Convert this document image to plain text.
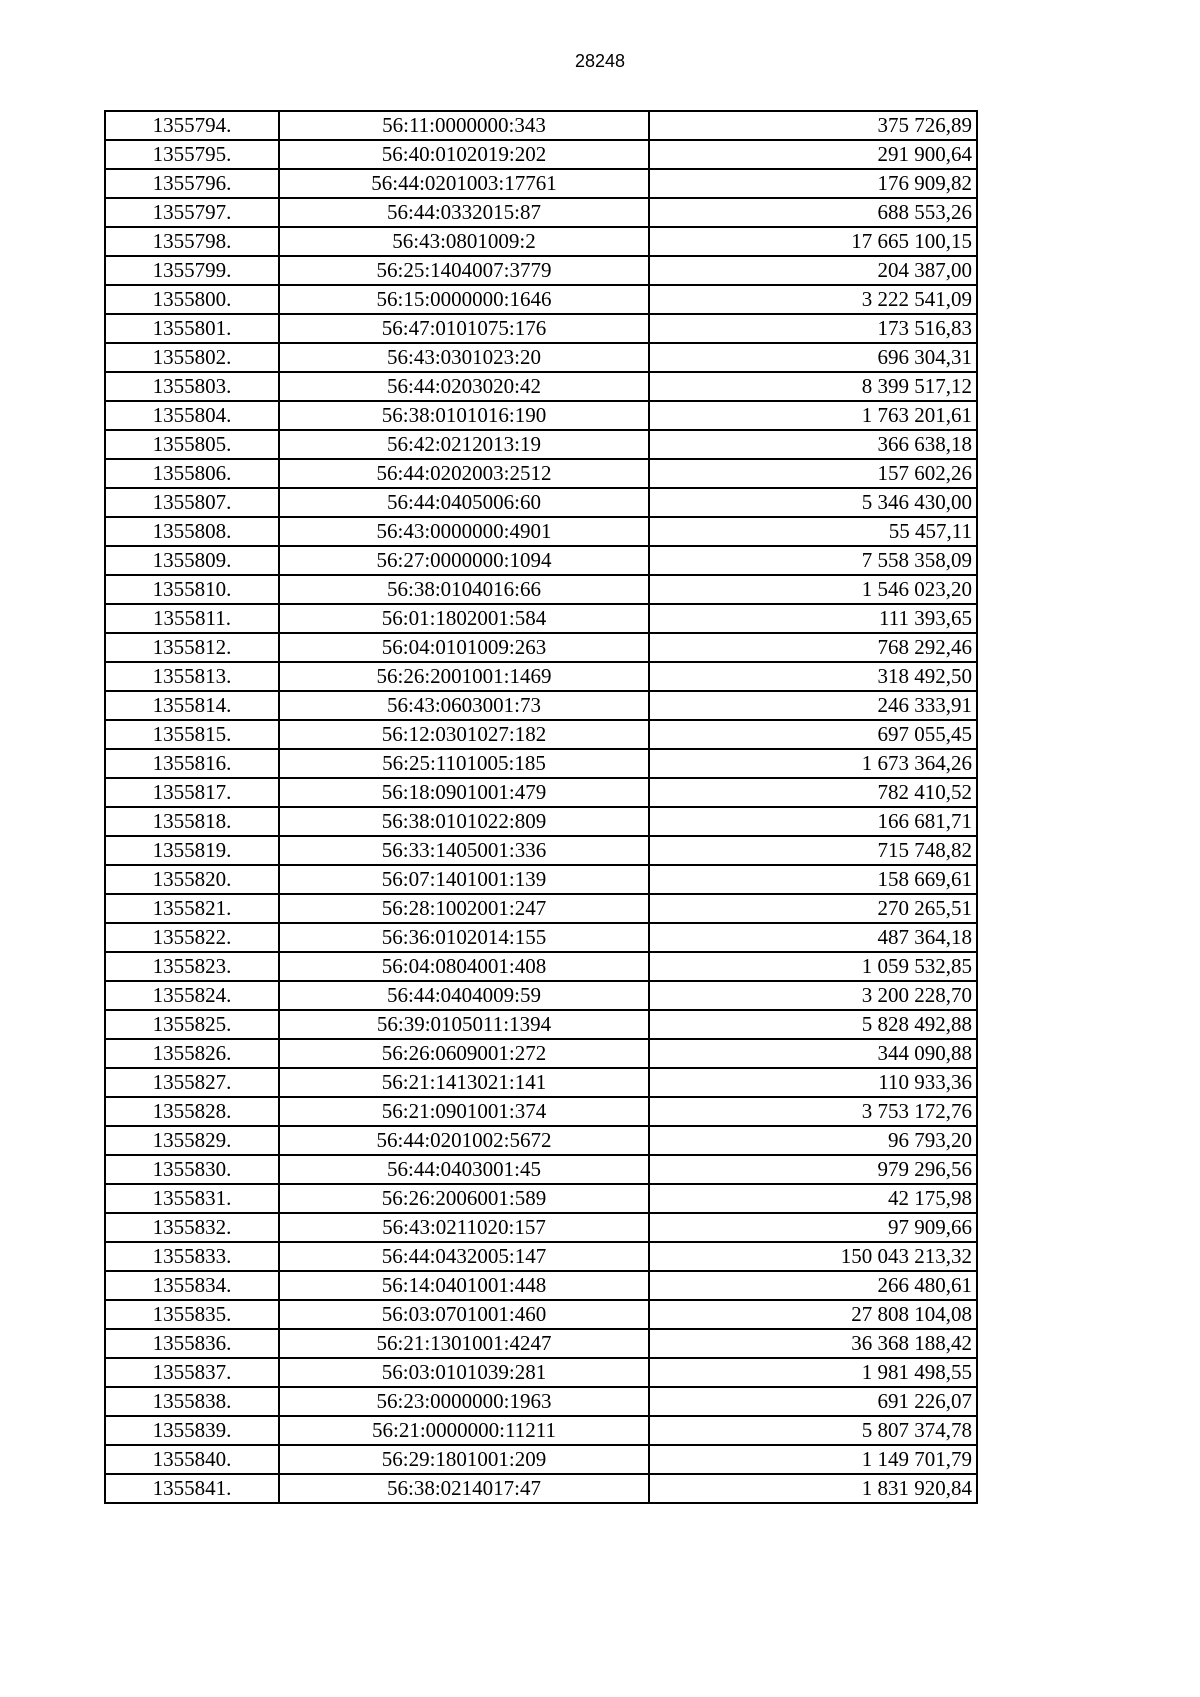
28248
1355794.	56:11:0000000:343	375 726,89
1355795.	56:40:0102019:202	291 900,64
1355796.	56:44:0201003:17761	176 909,82
1355797.	56:44:0332015:87	688 553,26
1355798.	56:43:0801009:2	17 665 100,15
1355799.	56:25:1404007:3779	204 387,00
1355800.	56:15:0000000:1646	3 222 541,09
1355801.	56:47:0101075:176	173 516,83
1355802.	56:43:0301023:20	696 304,31
1355803.	56:44:0203020:42	8 399 517,12
1355804.	56:38:0101016:190	1 763 201,61
1355805.	56:42:0212013:19	366 638,18
1355806.	56:44:0202003:2512	157 602,26
1355807.	56:44:0405006:60	5 346 430,00
1355808.	56:43:0000000:4901	55 457,11
1355809.	56:27:0000000:1094	7 558 358,09
1355810.	56:38:0104016:66	1 546 023,20
1355811.	56:01:1802001:584	111 393,65
1355812.	56:04:0101009:263	768 292,46
1355813.	56:26:2001001:1469	318 492,50
1355814.	56:43:0603001:73	246 333,91
1355815.	56:12:0301027:182	697 055,45
1355816.	56:25:1101005:185	1 673 364,26
1355817.	56:18:0901001:479	782 410,52
1355818.	56:38:0101022:809	166 681,71
1355819.	56:33:1405001:336	715 748,82
1355820.	56:07:1401001:139	158 669,61
1355821.	56:28:1002001:247	270 265,51
1355822.	56:36:0102014:155	487 364,18
1355823.	56:04:0804001:408	1 059 532,85
1355824.	56:44:0404009:59	3 200 228,70
1355825.	56:39:0105011:1394	5 828 492,88
1355826.	56:26:0609001:272	344 090,88
1355827.	56:21:1413021:141	110 933,36
1355828.	56:21:0901001:374	3 753 172,76
1355829.	56:44:0201002:5672	96 793,20
1355830.	56:44:0403001:45	979 296,56
1355831.	56:26:2006001:589	42 175,98
1355832.	56:43:0211020:157	97 909,66
1355833.	56:44:0432005:147	150 043 213,32
1355834.	56:14:0401001:448	266 480,61
1355835.	56:03:0701001:460	27 808 104,08
1355836.	56:21:1301001:4247	36 368 188,42
1355837.	56:03:0101039:281	1 981 498,55
1355838.	56:23:0000000:1963	691 226,07
1355839.	56:21:0000000:11211	5 807 374,78
1355840.	56:29:1801001:209	1 149 701,79
1355841.	56:38:0214017:47	1 831 920,84
